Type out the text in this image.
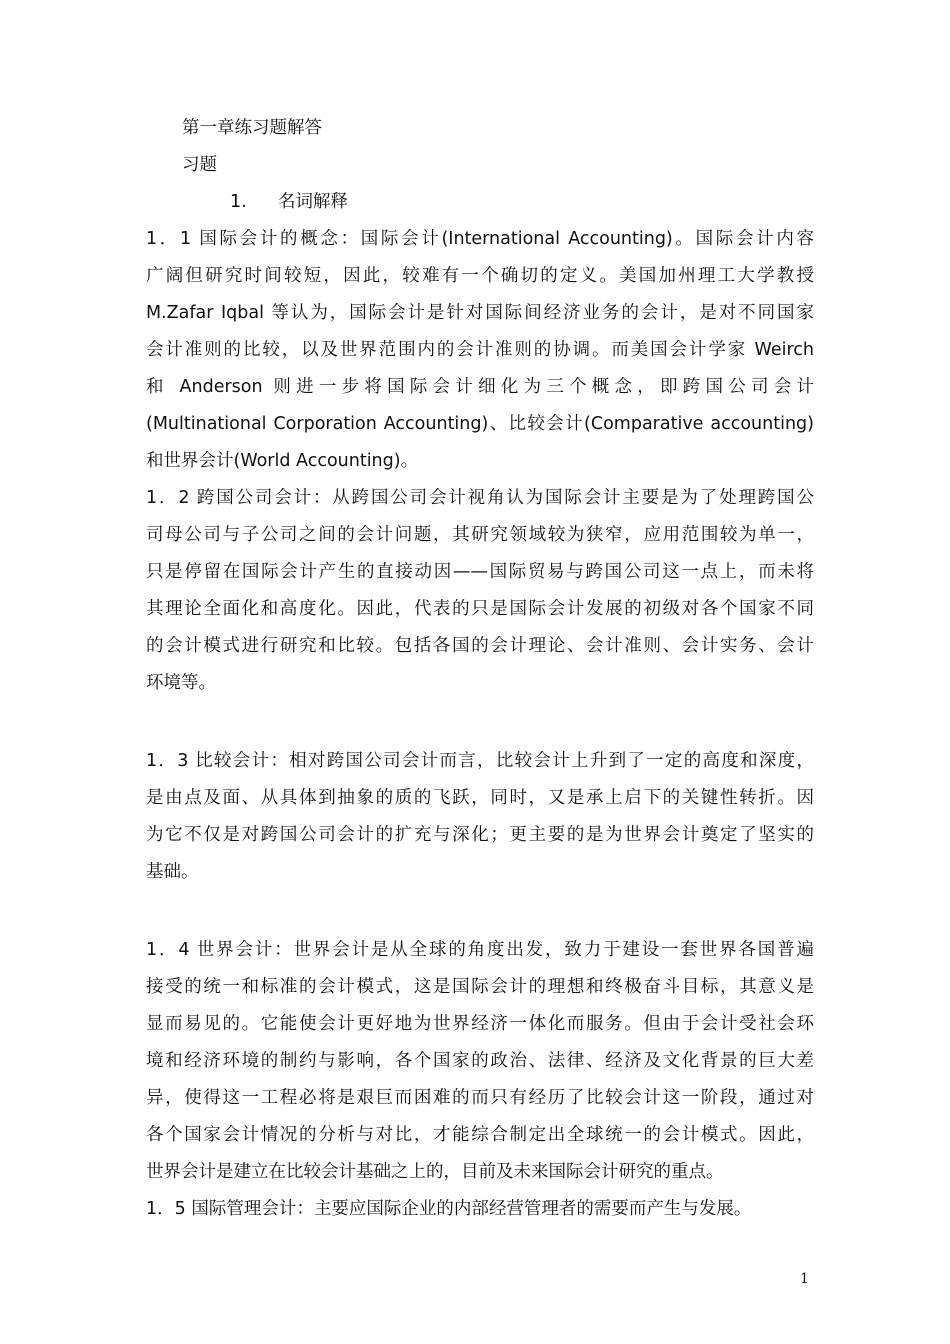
第一章练习题解答
习题
1. 名词解释
1．1 国际会计的概念：国际会计(International Accounting)。国际会计内容
广阔但研究时间较短，因此，较难有一个确切的定义。美国加州理工大学教授
M.Zafar Iqbal 等认为，国际会计是针对国际间经济业务的会计，是对不同国家
会计准则的比较，以及世界范围内的会计准则的协调。而美国会计学家 Weirch
和 Anderson 则进一步将国际会计细化为三个概念，即跨国公司会计
(Multinational Corporation Accounting)、比较会计(Comparative accounting)
和世界会计(World Accounting)。
1．2 跨国公司会计：从跨国公司会计视角认为国际会计主要是为了处理跨国公
司母公司与子公司之间的会计问题，其研究领域较为狭窄，应用范围较为单一，
只是停留在国际会计产生的直接动因——国际贸易与跨国公司这一点上，而未将
其理论全面化和高度化。因此，代表的只是国际会计发展的初级对各个国家不同
的会计模式进行研究和比较。包括各国的会计理论、会计准则、会计实务、会计
环境等。
1．3 比较会计：相对跨国公司会计而言，比较会计上升到了一定的高度和深度，
是由点及面、从具体到抽象的质的飞跃，同时，又是承上启下的关键性转折。因
为它不仅是对跨国公司会计的扩充与深化；更主要的是为世界会计奠定了坚实的
基础。
1．4 世界会计：世界会计是从全球的角度出发，致力于建设一套世界各国普遍
接受的统一和标准的会计模式，这是国际会计的理想和终极奋斗目标，其意义是
显而易见的。它能使会计更好地为世界经济一体化而服务。但由于会计受社会环
境和经济环境的制约与影响，各个国家的政治、法律、经济及文化背景的巨大差
异，使得这一工程必将是艰巨而困难的而只有经历了比较会计这一阶段，通过对
各个国家会计情况的分析与对比，才能综合制定出全球统一的会计模式。因此，
世界会计是建立在比较会计基础之上的，目前及未来国际会计研究的重点。
1．5 国际管理会计：主要应国际企业的内部经营管理者的需要而产生与发展。
1
